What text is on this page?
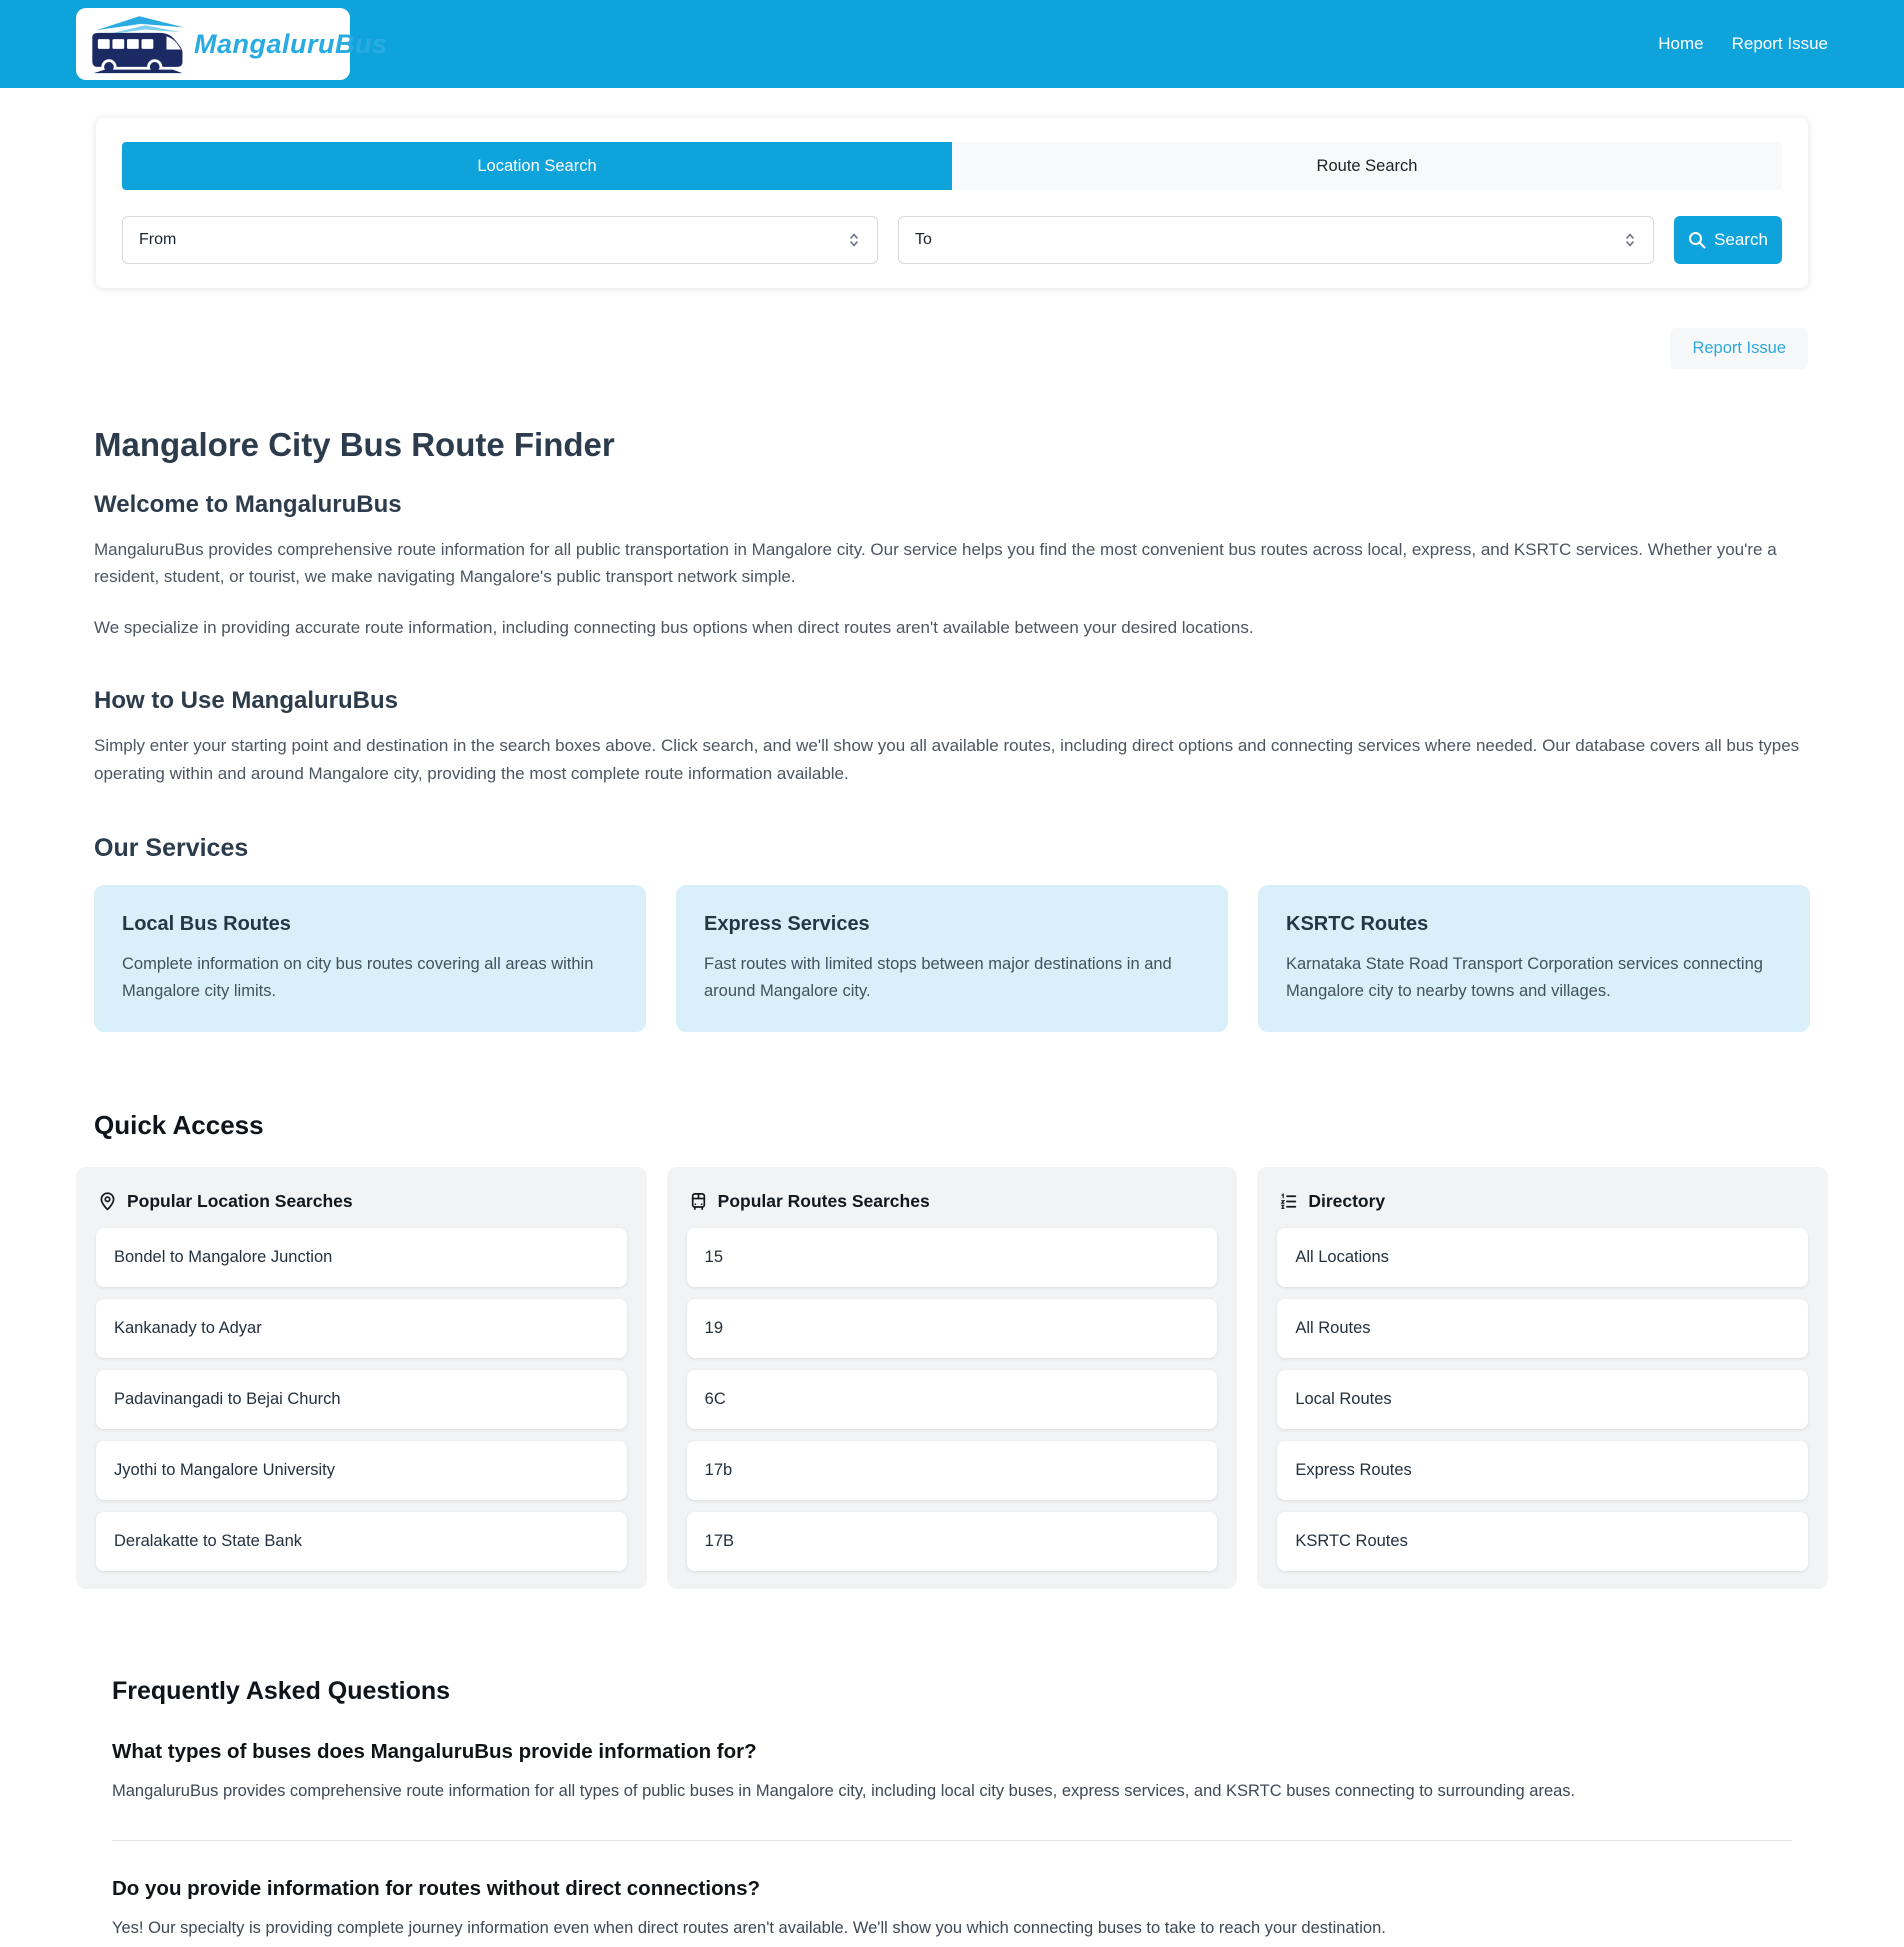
MangaluruBus	Home Report Issue
Location Search	Route Search
From	To	Search
Report Issue
Mangalore City Bus Route Finder
Welcome to MangaluruBus

MangaluruBus provides comprehensive route information for all public transportation in Mangalore city. Our service helps you find the most convenient bus routes across local, express, and KSRTC services. Whether you're a resident, student, or tourist, we make navigating Mangalore's public transport network simple.

We specialize in providing accurate route information, including connecting bus options when direct routes aren't available between your desired locations.

How to Use MangaluruBus

Simply enter your starting point and destination in the search boxes above. Click search, and we'll show you all available routes, including direct options and connecting services where needed. Our database covers all bus types operating within and around Mangalore city, providing the most complete route information available.

Our Services
Local Bus Routes

Complete information on city bus routes covering all areas within Mangalore city limits.

Express Services

Fast routes with limited stops between major destinations in and around Mangalore city.

KSRTC Routes

Karnataka State Road Transport Corporation services connecting Mangalore city to nearby towns and villages.

Quick Access
Popular Location Searches
Bondel to Mangalore Junction
Kankanady to Adyar
Padavinangadi to Bejai Church
Jyothi to Mangalore University
Deralakatte to State Bank
Popular Routes Searches
15
19
6C
17b
17B
Directory
All Locations
All Routes
Local Routes
Express Routes
KSRTC Routes
Frequently Asked Questions
What types of buses does MangaluruBus provide information for?

MangaluruBus provides comprehensive route information for all types of public buses in Mangalore city, including local city buses, express services, and KSRTC buses connecting to surrounding areas.

Do you provide information for routes without direct connections?

Yes! Our specialty is providing complete journey information even when direct routes aren't available. We'll show you which connecting buses to take to reach your destination.
